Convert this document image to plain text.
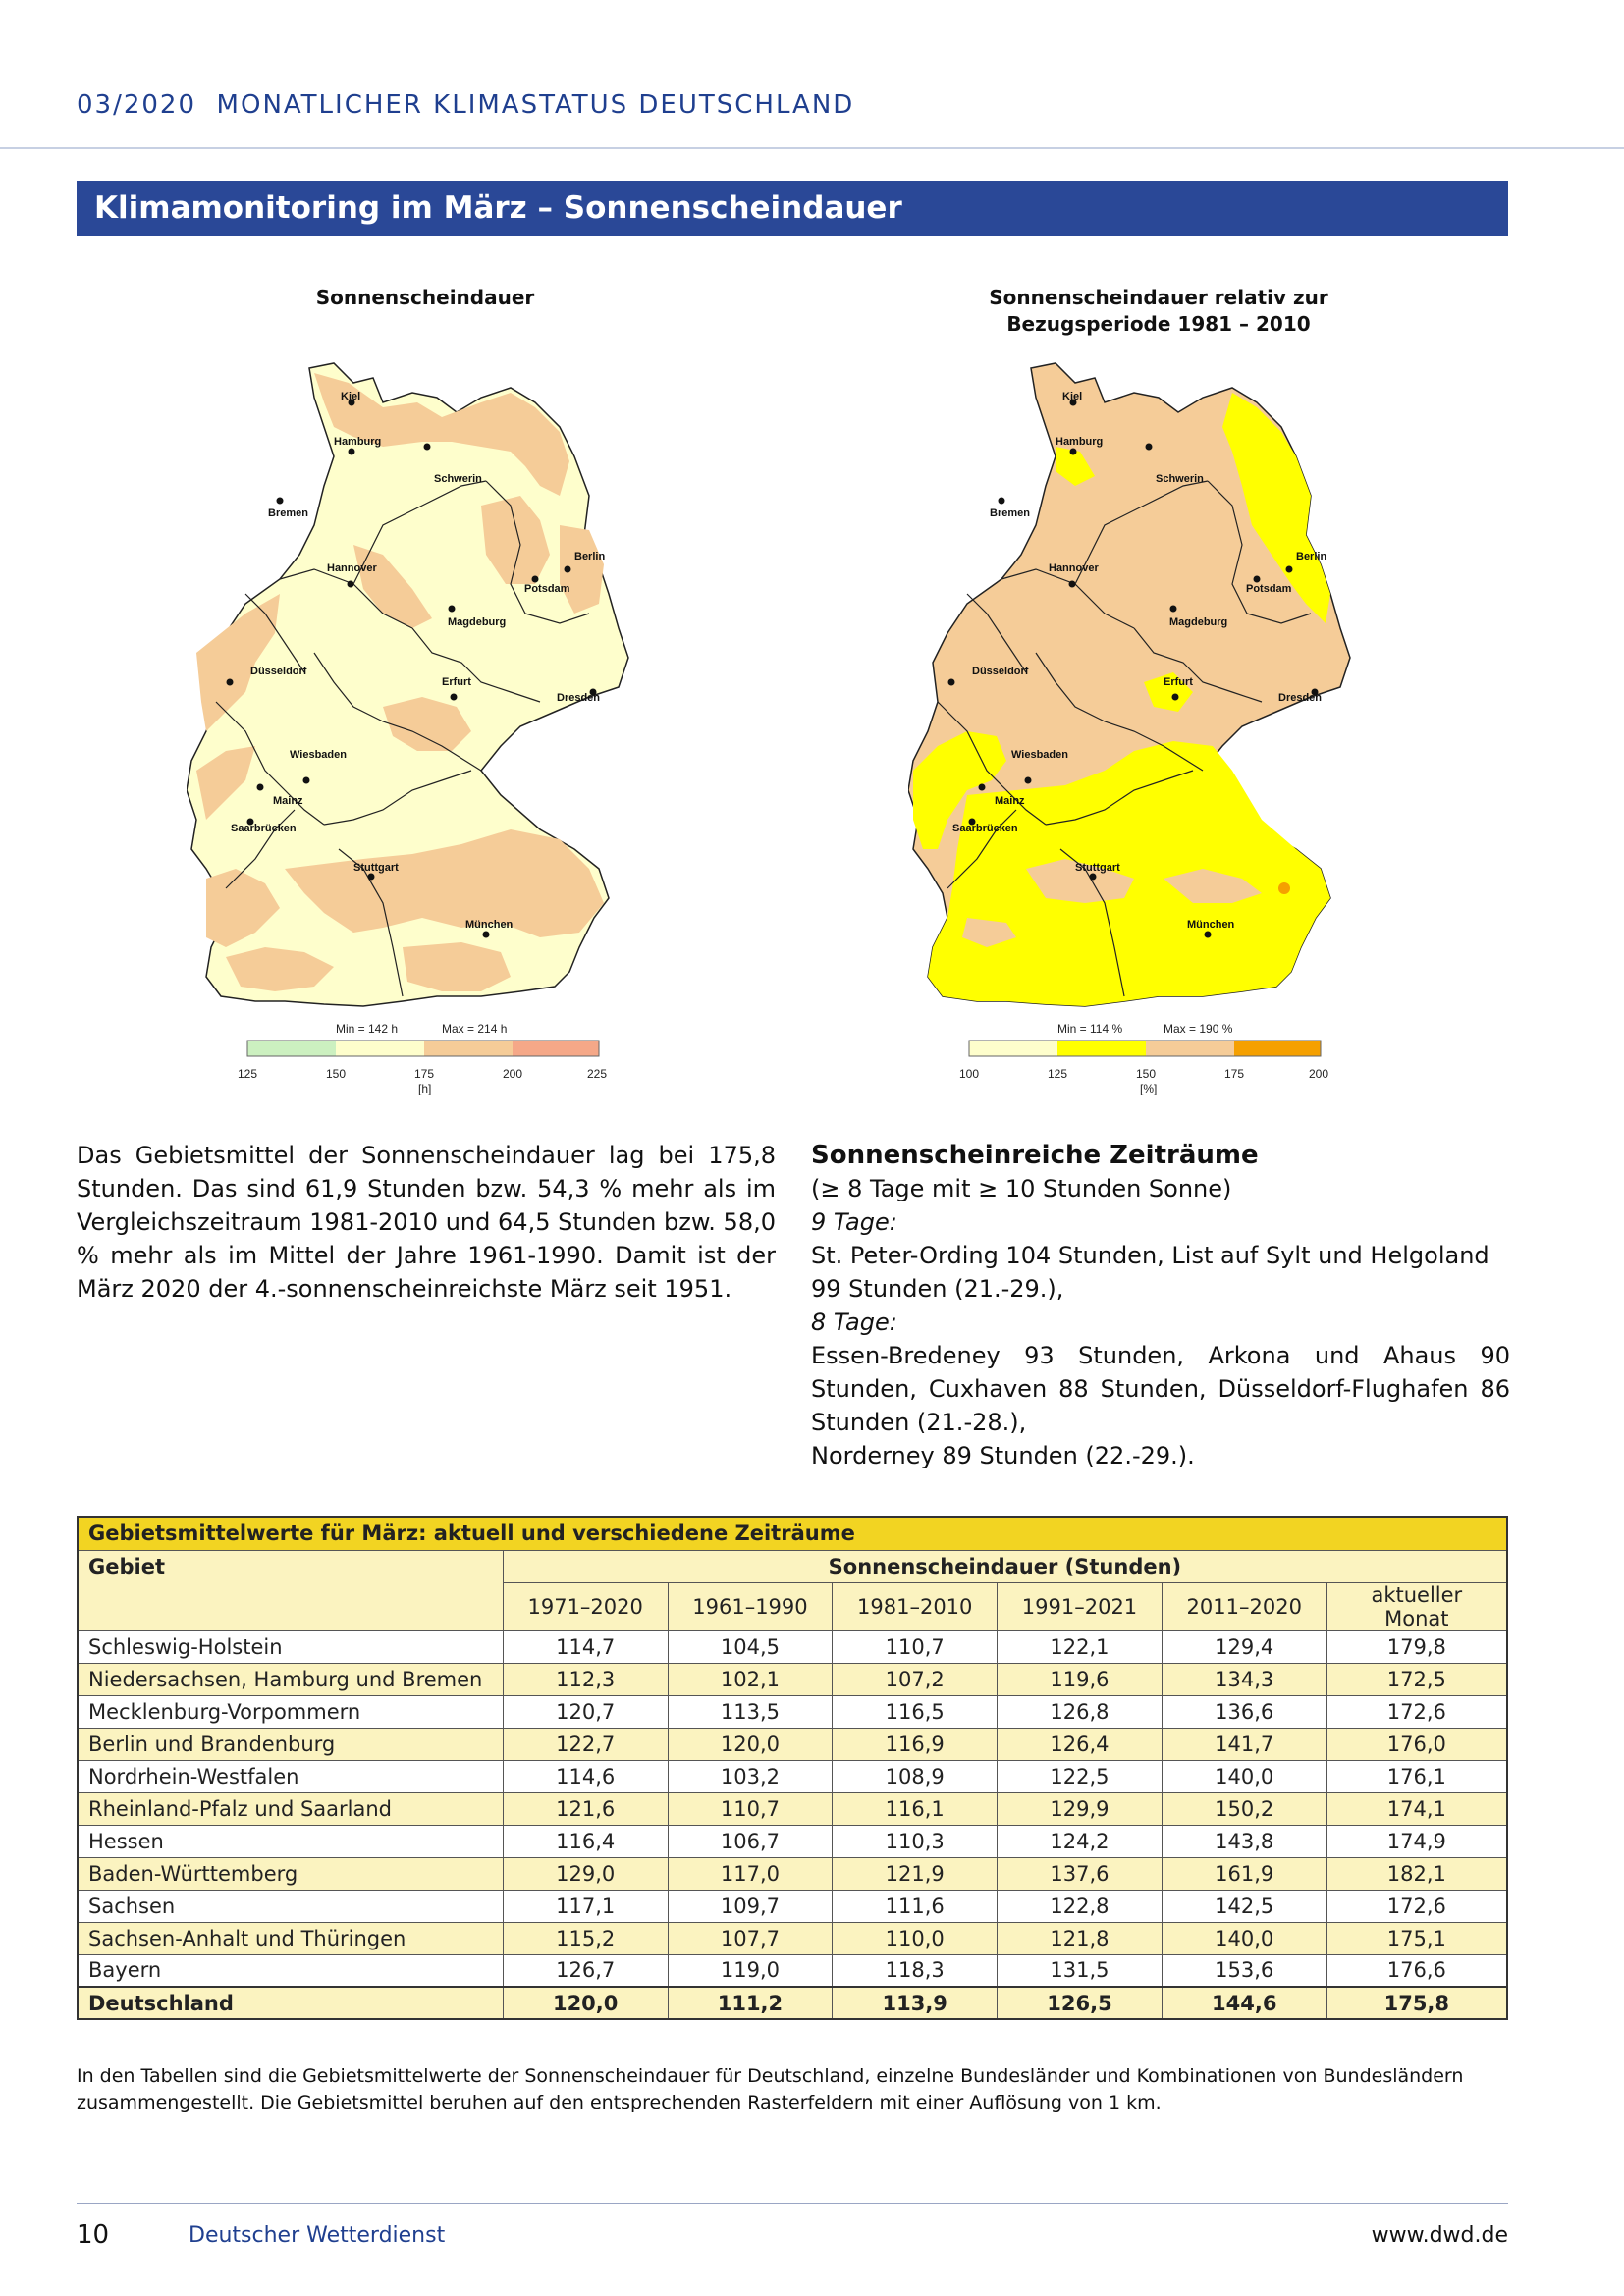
03/2020 MONATLICHER KLIMASTATUS DEUTSCHLAND
Klimamonitoring im März – Sonnenscheindauer
Sonnenscheindauer
Kiel
Hamburg
Schwerin
Bremen
Berlin
Hannover
Potsdam
Magdeburg
Düsseldorf
Erfurt
Dresden
Wiesbaden
Mainz
Saarbrücken
Stuttgart
München
Min = 142 h	Max = 214 h
125	150	175	200	225
[h]
Sonnenscheindauer relativ zur Bezugsperiode 1981 – 2010
Kiel
Hamburg
Schwerin
Bremen
Berlin
Hannover
Potsdam
Magdeburg
Düsseldorf
Erfurt
Dresden
Wiesbaden
Mainz
Saarbrücken
Stuttgart
München
Min = 114 %	Max = 190 %
100	125	150	175	200
[%]
Das Gebietsmittel der Sonnenscheindauer lag bei 175,8 Stunden. Das sind 61,9 Stunden bzw. 54,3 % mehr als im Vergleichszeitraum 1981-2010 und 64,5 Stunden bzw. 58,0 % mehr als im Mittel der Jahre 1961-1990. Damit ist der März 2020 der 4.-sonnenscheinreichste März seit 1951.
Sonnenscheinreiche Zeiträume
(≥ 8 Tage mit ≥ 10 Stunden Sonne)
9 Tage:
St. Peter-Ording 104 Stunden, List auf Sylt und Helgoland 99 Stunden (21.-29.),
8 Tage:
Essen-Bredeney 93 Stunden, Arkona und Ahaus 90 Stunden, Cuxhaven 88 Stunden, Düsseldorf-Flughafen 86 Stunden (21.-28.),
Norderney 89 Stunden (22.-29.).
Gebietsmittelwerte für März: aktuell und verschiedene Zeiträume						
Gebiet	Sonnenscheindauer (Stunden)					
	1971–2020	1961–1990	1981–2010	1991–2021	2011–2020	aktueller Monat
Schleswig-Holstein	114,7	104,5	110,7	122,1	129,4	179,8
Niedersachsen, Hamburg und Bremen	112,3	102,1	107,2	119,6	134,3	172,5
Mecklenburg-Vorpommern	120,7	113,5	116,5	126,8	136,6	172,6
Berlin und Brandenburg	122,7	120,0	116,9	126,4	141,7	176,0
Nordrhein-Westfalen	114,6	103,2	108,9	122,5	140,0	176,1
Rheinland-Pfalz und Saarland	121,6	110,7	116,1	129,9	150,2	174,1
Hessen	116,4	106,7	110,3	124,2	143,8	174,9
Baden-Württemberg	129,0	117,0	121,9	137,6	161,9	182,1
Sachsen	117,1	109,7	111,6	122,8	142,5	172,6
Sachsen-Anhalt und Thüringen	115,2	107,7	110,0	121,8	140,0	175,1
Bayern	126,7	119,0	118,3	131,5	153,6	176,6
Deutschland	120,0	111,2	113,9	126,5	144,6	175,8
In den Tabellen sind die Gebietsmittelwerte der Sonnenscheindauer für Deutschland, einzelne Bundesländer und Kombinationen von Bundesländern zusammengestellt. Die Gebietsmittel beruhen auf den entsprechenden Rasterfeldern mit einer Auflösung von 1 km.
10	Deutscher Wetterdienst	www.dwd.de
